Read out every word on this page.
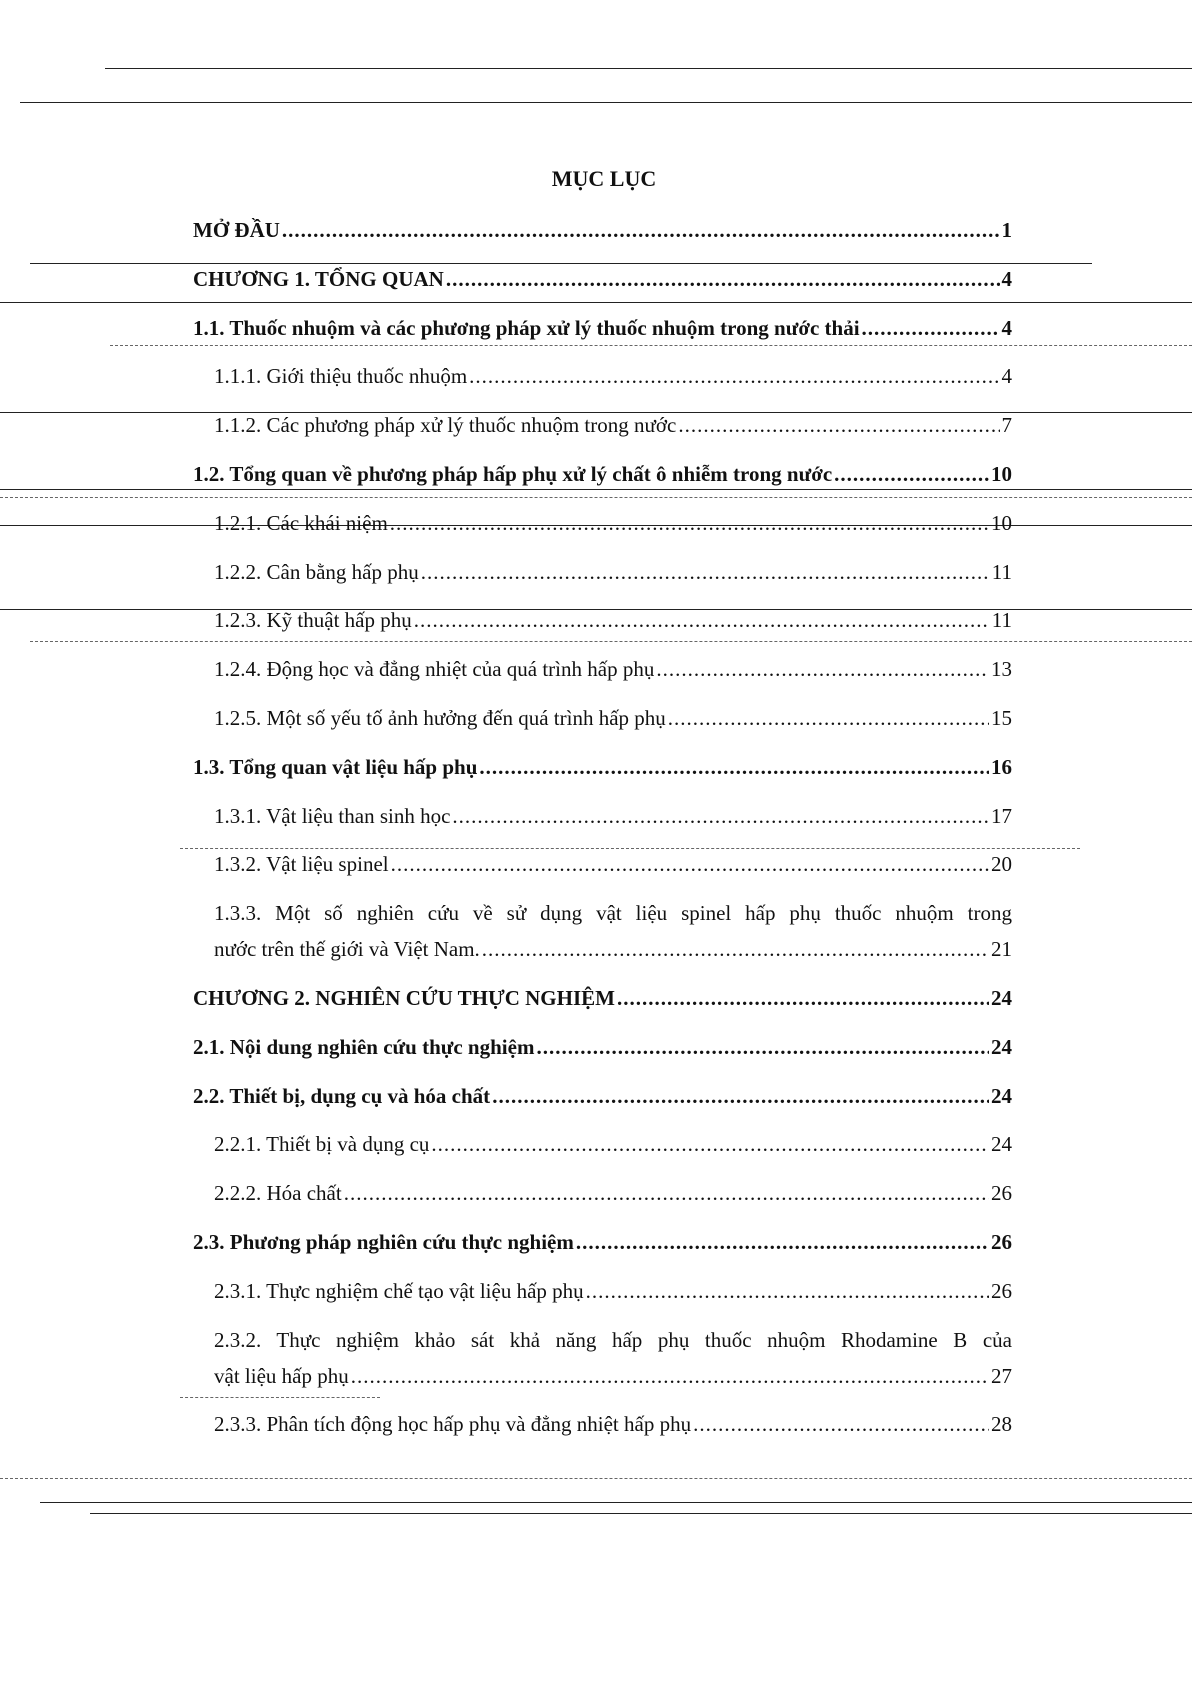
MỤC LỤC
MỞ ĐẦU .....	1
CHƯƠNG 1. TỔNG QUAN .....	4
1.1. Thuốc nhuộm và các phương pháp xử lý thuốc nhuộm trong nước thải .....	4
1.1.1. Giới thiệu thuốc nhuộm .....	4
1.1.2. Các phương pháp xử lý thuốc nhuộm trong nước .....	7
1.2. Tổng quan về phương pháp hấp phụ xử lý chất ô nhiễm trong nước .....	10
1.2.1. Các khái niệm .....	10
1.2.2. Cân bằng hấp phụ .....	11
1.2.3. Kỹ thuật hấp phụ .....	11
1.2.4. Động học và đẳng nhiệt của quá trình hấp phụ .....	13
1.2.5. Một số yếu tố ảnh hưởng đến quá trình hấp phụ .....	15
1.3. Tổng quan vật liệu hấp phụ .....	16
1.3.1. Vật liệu than sinh học .....	17
1.3.2. Vật liệu spinel .....	20
1.3.3. Một số nghiên cứu về sử dụng vật liệu spinel hấp phụ thuốc nhuộm trong
nước trên thế giới và Việt Nam. .....	21
CHƯƠNG 2. NGHIÊN CỨU THỰC NGHIỆM .....	24
2.1. Nội dung nghiên cứu thực nghiệm .....	24
2.2. Thiết bị, dụng cụ và hóa chất .....	24
2.2.1. Thiết bị và dụng cụ .....	24
2.2.2. Hóa chất .....	26
2.3. Phương pháp nghiên cứu thực nghiệm .....	26
2.3.1. Thực nghiệm chế tạo vật liệu hấp phụ .....	26
2.3.2. Thực nghiệm khảo sát khả năng hấp phụ thuốc nhuộm Rhodamine B của
vật liệu hấp phụ .....	27
2.3.3. Phân tích động học hấp phụ và đẳng nhiệt hấp phụ .....	28
